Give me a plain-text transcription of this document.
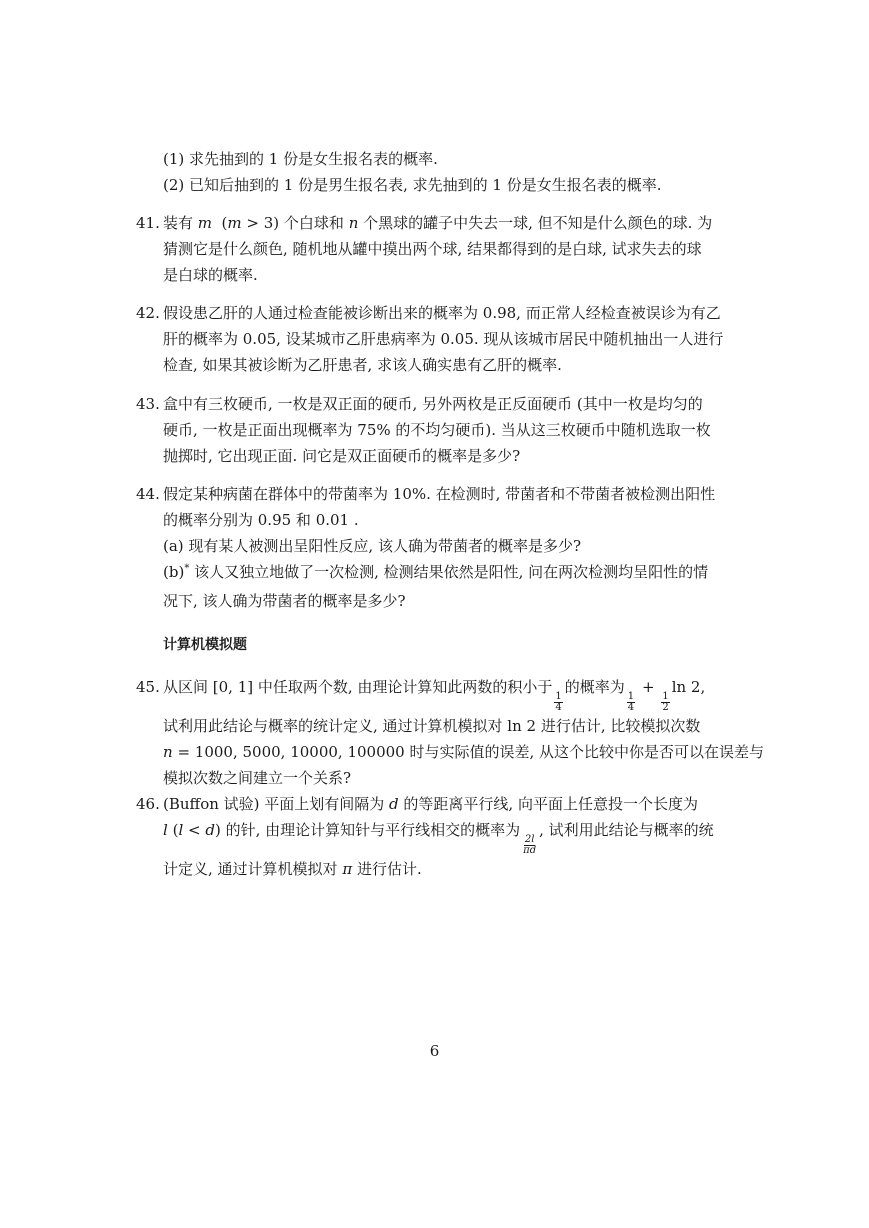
(1) 求先抽到的 1 份是女生报名表的概率.
(2) 已知后抽到的 1 份是男生报名表, 求先抽到的 1 份是女生报名表的概率.
41. 装有 m  (m > 3) 个白球和 n 个黑球的罐子中失去一球, 但不知是什么颜色的球. 为
猜测它是什么颜色, 随机地从罐中摸出两个球, 结果都得到的是白球, 试求失去的球
是白球的概率.
42. 假设患乙肝的人通过检查能被诊断出来的概率为 0.98, 而正常人经检查被误诊为有乙
肝的概率为 0.05, 设某城市乙肝患病率为 0.05. 现从该城市居民中随机抽出一人进行
检查, 如果其被诊断为乙肝患者, 求该人确实患有乙肝的概率.
43. 盒中有三枚硬币, 一枚是双正面的硬币, 另外两枚是正反面硬币 (其中一枚是均匀的
硬币, 一枚是正面出现概率为 75% 的不均匀硬币). 当从这三枚硬币中随机选取一枚
抛掷时, 它出现正面. 问它是双正面硬币的概率是多少?
44. 假定某种病菌在群体中的带菌率为 10%. 在检测时, 带菌者和不带菌者被检测出阳性
的概率分别为 0.95 和 0.01 .
(a) 现有某人被测出呈阳性反应, 该人确为带菌者的概率是多少?
(b)* 该人又独立地做了一次检测, 检测结果依然是阳性, 问在两次检测均呈阳性的情
况下, 该人确为带菌者的概率是多少?
计算机模拟题
45. 从区间 [0, 1] 中任取两个数, 由理论计算知此两数的积小于
$\frac{1}{4}$
的概率为
$\frac{1}{4}$
+
$\frac{1}{2}$
ln 2,
试利用此结论与概率的统计定义, 通过计算机模拟对 ln 2 进行估计, 比较模拟次数
n = 1000, 5000, 10000, 100000 时与实际值的误差, 从这个比较中你是否可以在误差与
模拟次数之间建立一个关系?
46. (Buffon 试验) 平面上划有间隔为 d 的等距离平行线, 向平面上任意投一个长度为
l (l < d) 的针, 由理论计算知针与平行线相交的概率为
$\frac{2l}{\pi d}$
, 试利用此结论与概率的统
计定义, 通过计算机模拟对 π 进行估计.
6
